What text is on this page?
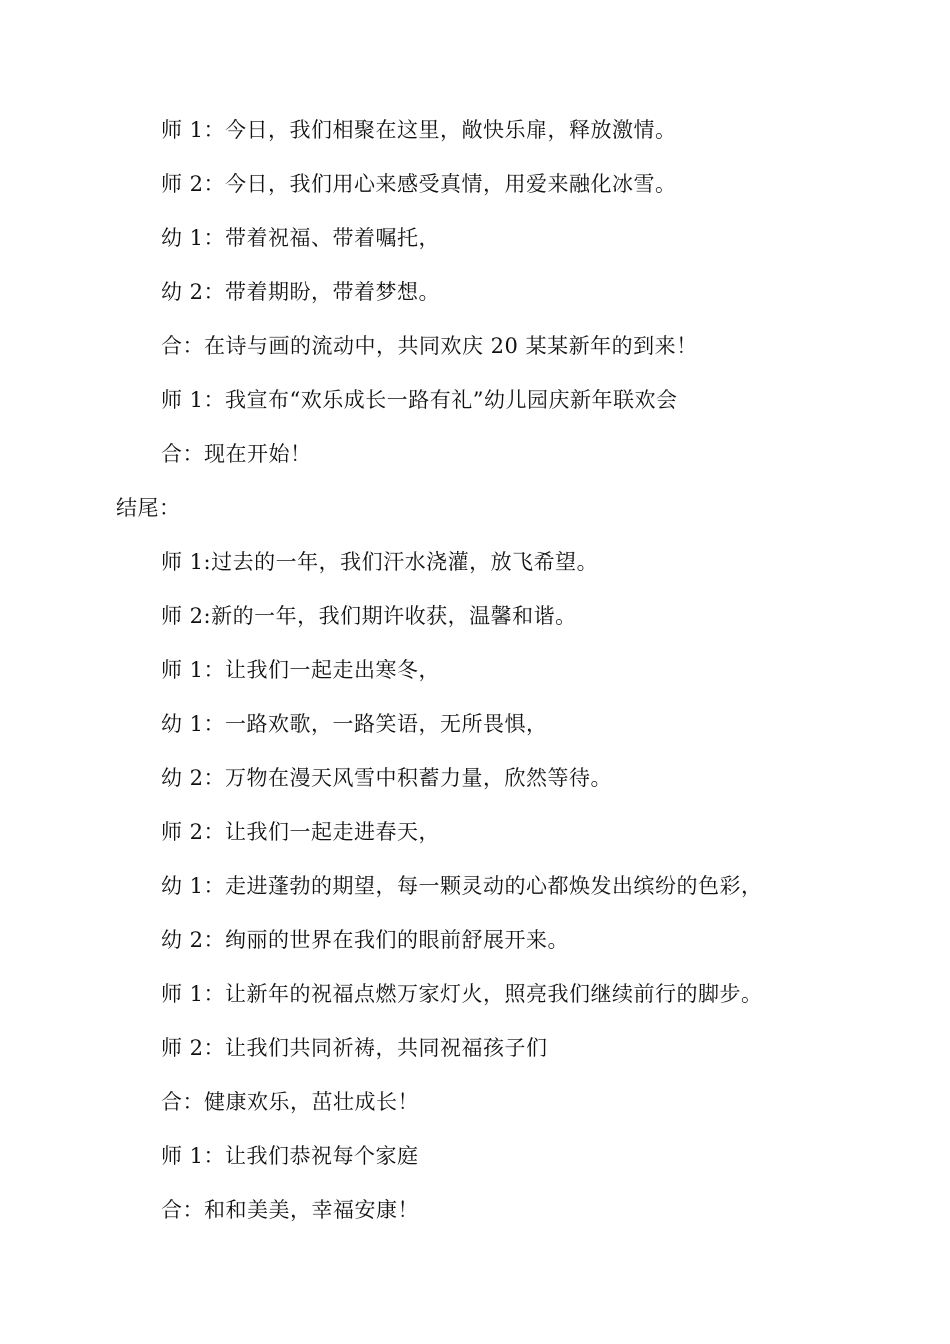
师 1：今日，我们相聚在这里，敞快乐扉，释放激情。
师 2：今日，我们用心来感受真情，用爱来融化冰雪。
幼 1：带着祝福、带着嘱托，
幼 2：带着期盼，带着梦想。
合：在诗与画的流动中，共同欢庆 20 某某新年的到来！
师 1：我宣布“欢乐成长一路有礼”幼儿园庆新年联欢会
合：现在开始！
结尾：
师 1:过去的一年，我们汗水浇灌，放飞希望。
师 2:新的一年，我们期许收获，温馨和谐。
师 1：让我们一起走出寒冬，
幼 1：一路欢歌，一路笑语，无所畏惧，
幼 2：万物在漫天风雪中积蓄力量，欣然等待。
师 2：让我们一起走进春天，
幼 1：走进蓬勃的期望，每一颗灵动的心都焕发出缤纷的色彩，
幼 2：绚丽的世界在我们的眼前舒展开来。
师 1：让新年的祝福点燃万家灯火，照亮我们继续前行的脚步。
师 2：让我们共同祈祷，共同祝福孩子们
合：健康欢乐，茁壮成长！
师 1：让我们恭祝每个家庭
合：和和美美，幸福安康！
